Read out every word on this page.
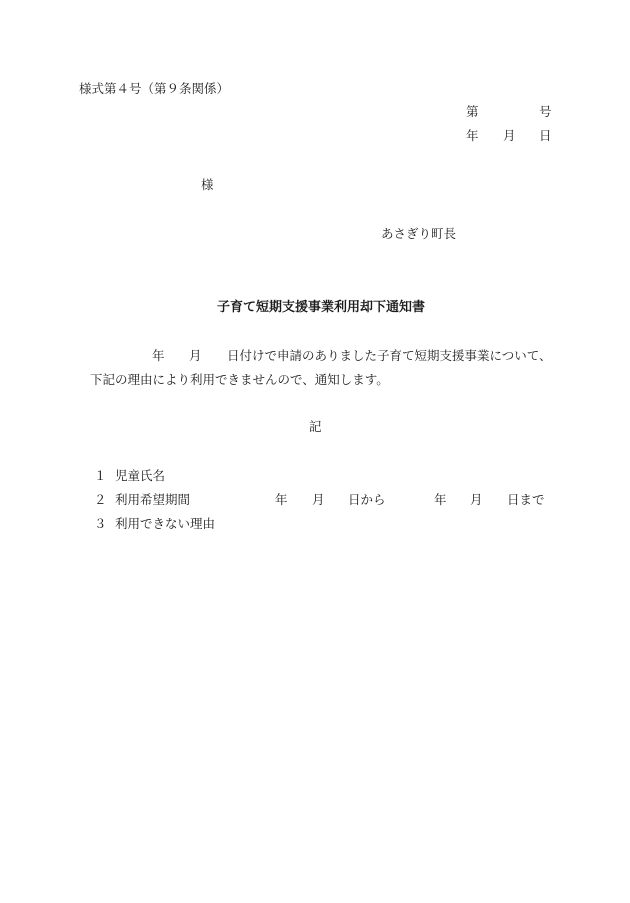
様式第４号（第９条関係）
第	号
年 月 日
様
あさぎり町長
子育て短期支援事業利用却下通知書
年 月 日付けで申請のありました子育て短期支援事業について、
下記の理由により利用できませんので、通知します。
記
１ 児童氏名
２ 利用希望期間	年 月 日から	年 月 日まで
３ 利用できない理由
